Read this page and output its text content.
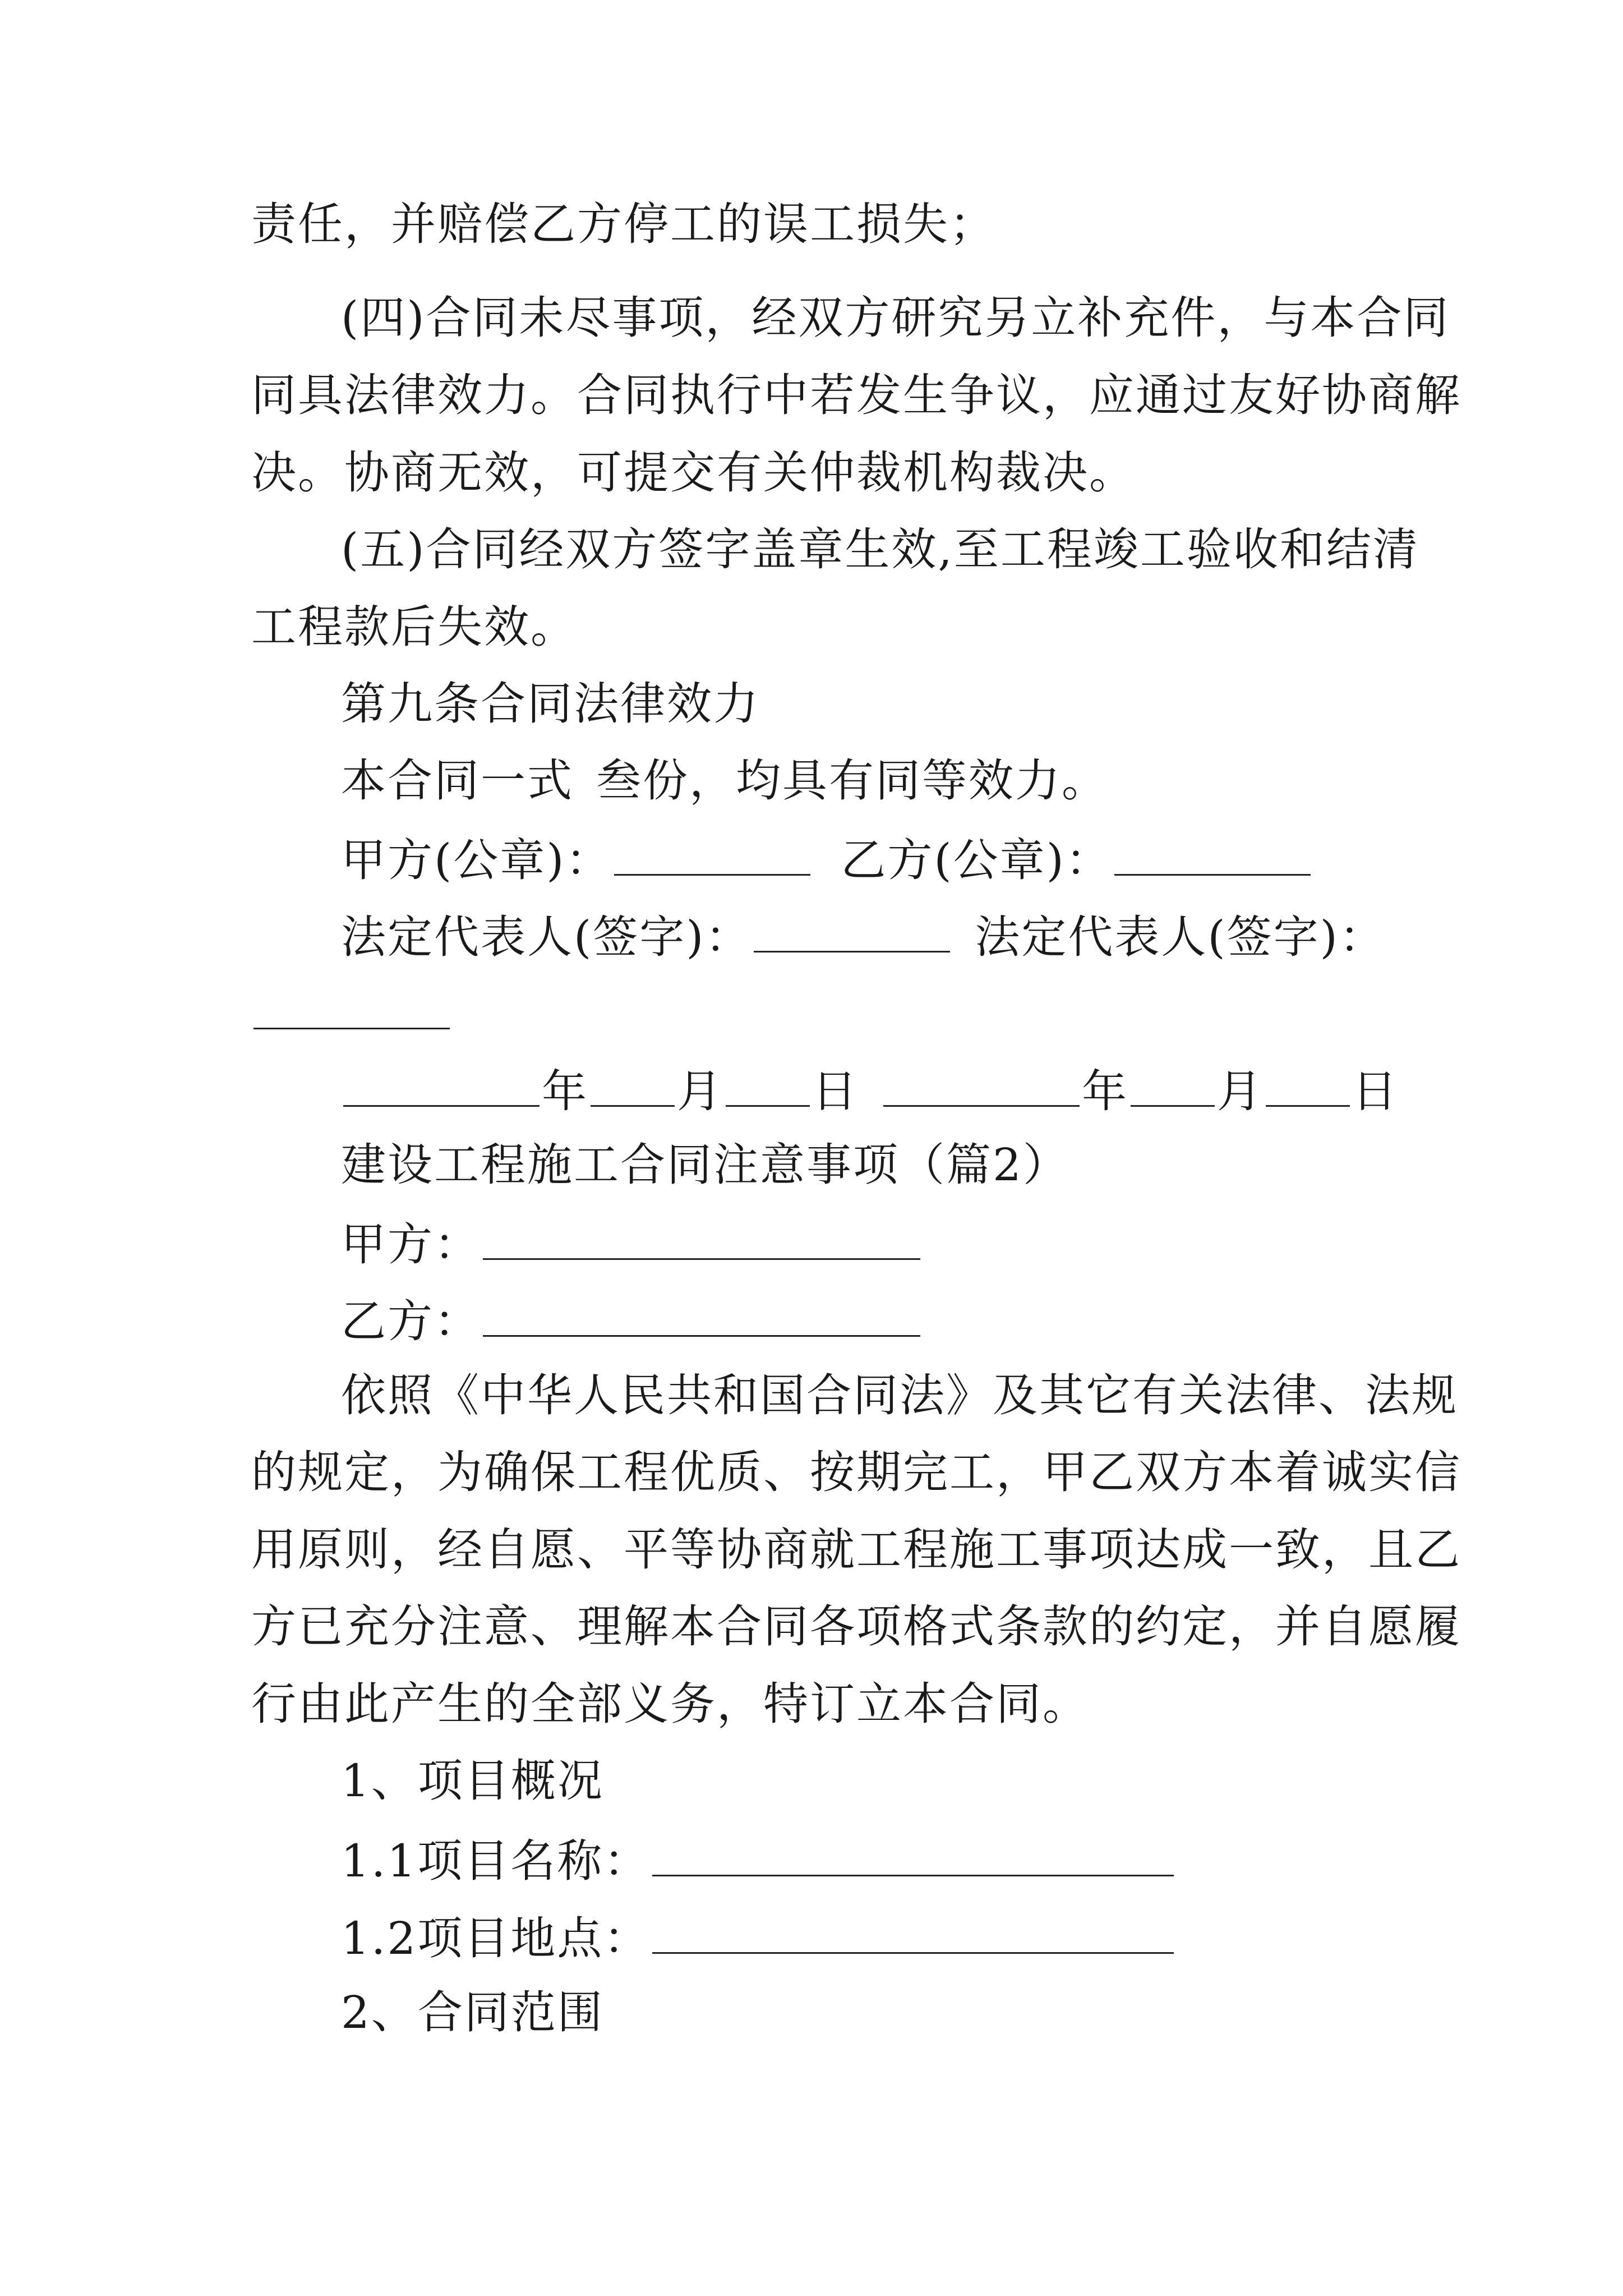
责任，并赔偿乙方停工的误工损失；
(四)合同未尽事项，经双方研究另立补充件，与本合同
同具法律效力。合同执行中若发生争议，应通过友好协商解
决。协商无效，可提交有关仲裁机构裁决。
(五)合同经双方签字盖章生效,至工程竣工验收和结清
工程款后失效。
第九条合同法律效力
本合同一式 叁份，均具有同等效力。
甲方(公章)：	乙方(公章)：
法定代表人(签字)：	法定代表人(签字)：
年 月 日	年 月 日
建设工程施工合同注意事项（篇2）
甲方：
乙方：
依照《中华人民共和国合同法》及其它有关法律、法规
的规定，为确保工程优质、按期完工，甲乙双方本着诚实信
用原则，经自愿、平等协商就工程施工事项达成一致，且乙
方已充分注意、理解本合同各项格式条款的约定，并自愿履
行由此产生的全部义务，特订立本合同。
1、项目概况
1.1项目名称：
1.2项目地点：
2、合同范围
